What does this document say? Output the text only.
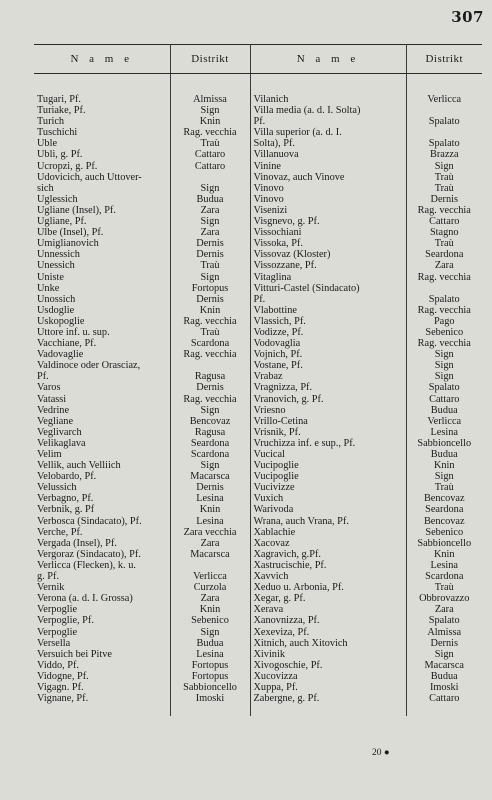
307
N a m e	Distrikt	N a m e	Distrikt
Tugari, Pf.	Almissa	Vilanich	Verlicca
Turiake, Pf.	Sign	Villa media (a. d. I. Solta)	
Turich	Knin	Pf.	Spalato
Tuschichi	Rag. vecchia	Villa superior (a. d. I.	
Uble	Traù	Solta), Pf.	Spalato
Ubli, g. Pf.	Cattaro	Villanuova	Brazza
Ucropzi, g. Pf.	Cattaro	Vinine	Sign
Udovicich, auch Uttover-		Vinovaz, auch Vinove	Traù
sich	Sign	Vinovo	Traù
Uglessich	Budua	Vinovo	Dernis
Ugliane (Insel), Pf.	Zara	Visenizi	Rag. vecchia
Ugliane, Pf.	Sign	Visgnevo, g. Pf.	Cattaro
Ulbe (Insel), Pf.	Zara	Vissochiani	Stagno
Umiglianovich	Dernis	Vissoka, Pf.	Traù
Unnessich	Dernis	Vissovaz (Kloster)	Seardona
Unessich	Traù	Vissozzane, Pf.	Zara
Uniste	Sign	Vitaglina	Rag. vecchia
Unke	Fortopus	Vitturi-Castel (Sindacato)	
Unossich	Dernis	Pf.	Spalato
Usdoglie	Knin	Vlabottine	Rag. vecchia
Uskopoglie	Rag. vecchia	Vlassich, Pf.	Pago
Uttore inf. u. sup.	Traù	Vodizze, Pf.	Sebenico
Vacchiane, Pf.	Scardona	Vodovaglia	Rag. vecchia
Vadovaglie	Rag. vecchia	Vojnich, Pf.	Sign
Valdinoce oder Orasciaz,		Vostane, Pf.	Sign
Pf.	Ragusa	Vrabaz	Sign
Varos	Dernis	Vragnizza, Pf.	Spalato
Vatassi	Rag. vecchia	Vranovich, g. Pf.	Cattaro
Vedrine	Sign	Vriesno	Budua
Vegliane	Bencovaz	Vrillo-Cetina	Verlicca
Veglivarch	Ragusa	Vrisnik, Pf.	Lesina
Velikaglava	Seardona	Vruchizza inf. e sup., Pf.	Sabbioncello
Velim	Scardona	Vucical	Budua
Vellik, auch Velliich	Sign	Vucipoglie	Knin
Velobardo, Pf.	Macarsca	Vucipoglie	Sign
Velussich	Dernis	Vucivizze	Traù
Verbagno, Pf.	Lesina	Vuxich	Bencovaz
Verbnik, g. Pf	Knin	Warivoda	Seardona
Verbosca (Sindacato), Pf.	Lesina	Wrana, auch Vrana, Pf.	Bencovaz
Verche, Pf.	Zara vecchia	Xablachie	Sebenico
Vergada (Insel), Pf.	Zara	Xacovaz	Sabbioncello
Vergoraz (Sindacato), Pf.	Macarsca	Xagravich, g.Pf.	Knin
Verlicca (Flecken), k. u.		Xastrucischie, Pf.	Lesina
g. Pf.	Verlicca	Xavvich	Scardona
Vernik	Curzola	Xeduo u. Arbonia, Pf.	Traù
Verona (a. d. I. Grossa)	Zara	Xegar, g. Pf.	Obbrovazzo
Verpoglie	Knin	Xerava	Zara
Verpoglie, Pf.	Sebenico	Xanovnizza, Pf.	Spalato
Verpoglie	Sign	Xexeviza, Pf.	Almissa
Versella	Budua	Xitnich, auch Xitovich	Dernis
Versuich bei Pitve	Lesina	Xivinik	Sign
Viddo, Pf.	Fortopus	Xivogoschie, Pf.	Macarsca
Vidogne, Pf.	Fortopus	Xucovizza	Budua
Vigagn. Pf.	Sabbioncello	Xuppa, Pf.	Imoski
Vignane, Pf.	Imoski	Zabergne, g. Pf.	Cattaro
20 ●
